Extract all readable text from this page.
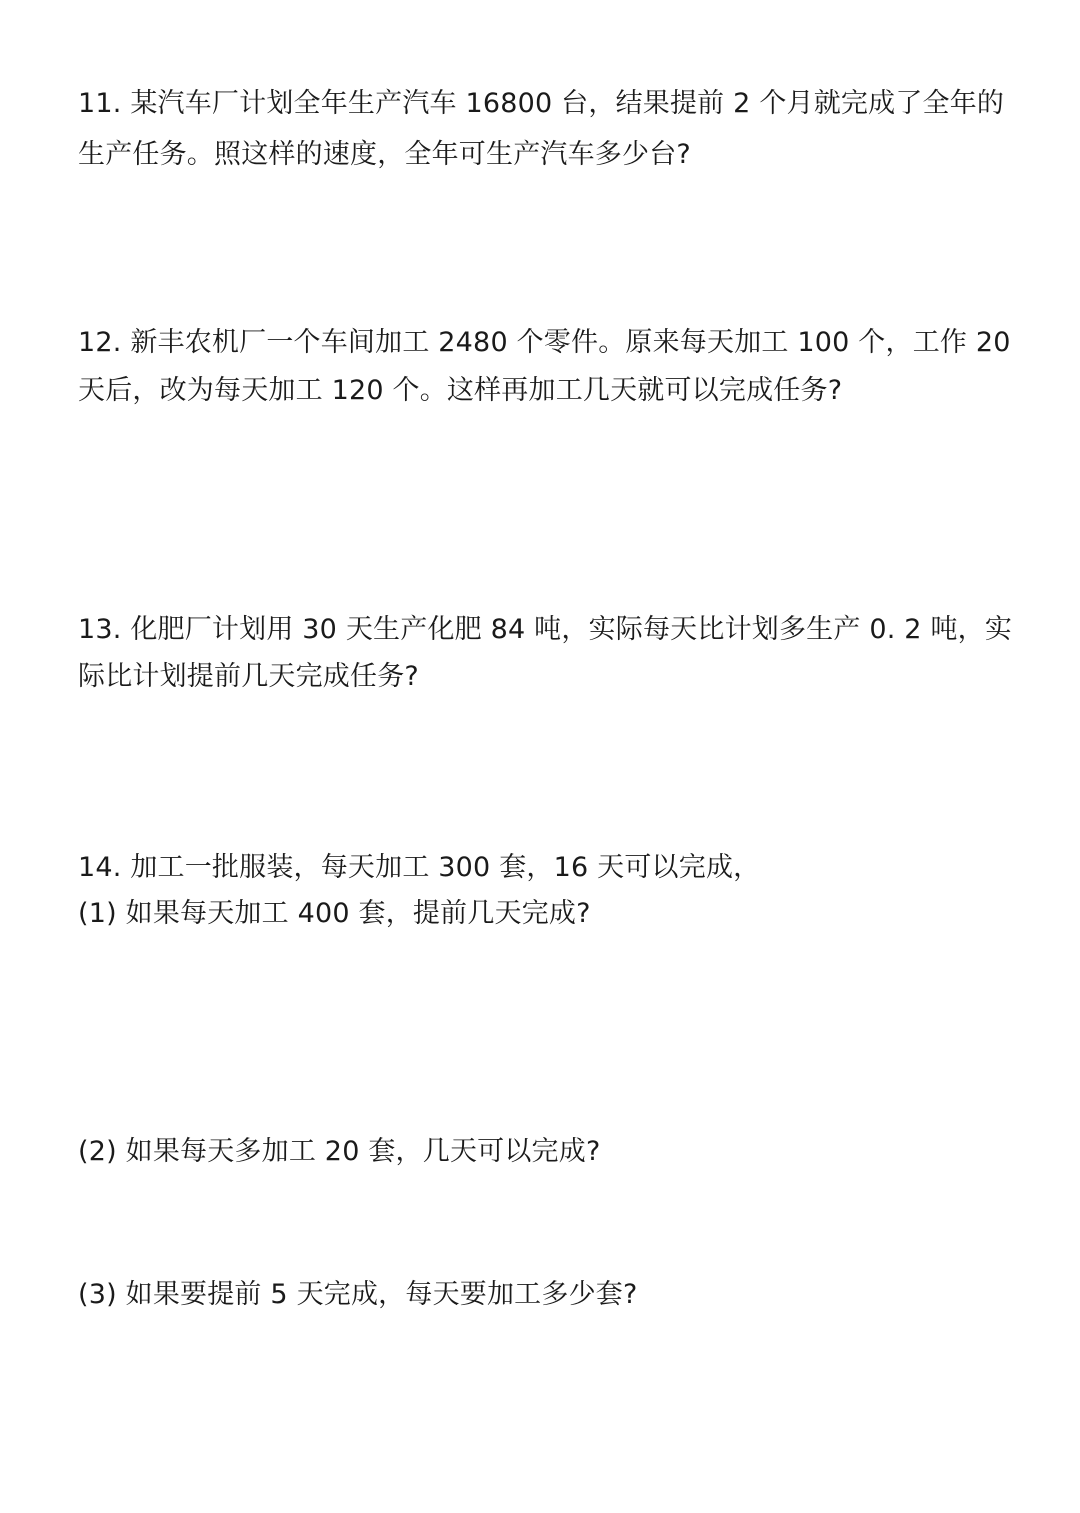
11. 某汽车厂计划全年生产汽车 16800 台，结果提前 2 个月就完成了全年的
生产任务。照这样的速度，全年可生产汽车多少台?
12. 新丰农机厂一个车间加工 2480 个零件。原来每天加工 100 个，工作 20
天后，改为每天加工 120 个。这样再加工几天就可以完成任务?
13. 化肥厂计划用 30 天生产化肥 84 吨，实际每天比计划多生产 0. 2 吨，实
际比计划提前几天完成任务?
14. 加工一批服装，每天加工 300 套，16 天可以完成，
(1) 如果每天加工 400 套，提前几天完成?
(2) 如果每天多加工 20 套，几天可以完成?
(3) 如果要提前 5 天完成，每天要加工多少套?
